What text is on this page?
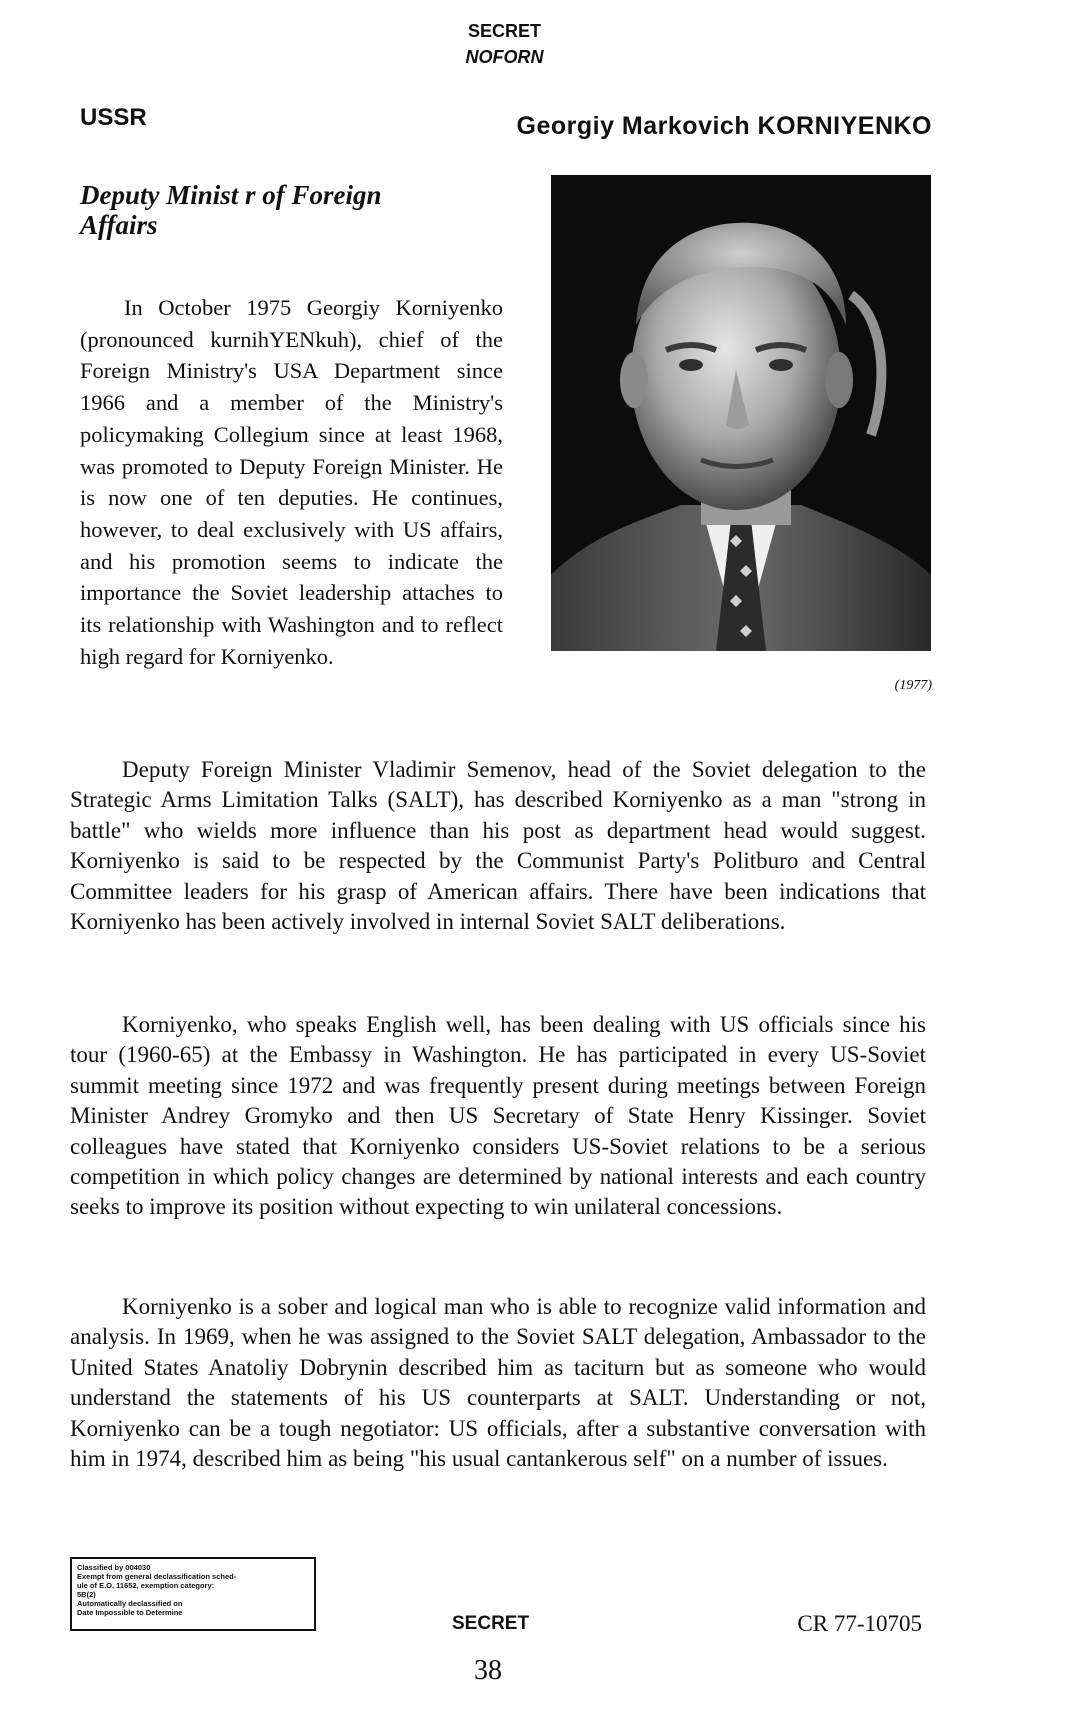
SECRET
NOFORN
USSR	Georgiy Markovich KORNIYENKO
Deputy Minist r of Foreign Affairs
(1977)

In October 1975 Georgiy Korniyenko (pronounced kurnihYENkuh), chief of the Foreign Ministry's USA Department since 1966 and a member of the Ministry's policymaking Collegium since at least 1968, was promoted to Deputy Foreign Minister. He is now one of ten deputies. He continues, however, to deal exclusively with US affairs, and his promotion seems to indicate the importance the Soviet leadership attaches to its relationship with Washington and to reflect high regard for Korniyenko.

Deputy Foreign Minister Vladimir Semenov, head of the Soviet delegation to the Strategic Arms Limitation Talks (SALT), has described Korniyenko as a man "strong in battle" who wields more influence than his post as department head would suggest. Korniyenko is said to be respected by the Communist Party's Politburo and Central Committee leaders for his grasp of American affairs. There have been indications that Korniyenko has been actively involved in internal Soviet SALT deliberations.

Korniyenko, who speaks English well, has been dealing with US officials since his tour (1960-65) at the Embassy in Washington. He has participated in every US-Soviet summit meeting since 1972 and was frequently present during meetings between Foreign Minister Andrey Gromyko and then US Secretary of State Henry Kissinger. Soviet colleagues have stated that Korniyenko considers US-Soviet relations to be a serious competition in which policy changes are determined by national interests and each country seeks to improve its position without expecting to win unilateral concessions.

Korniyenko is a sober and logical man who is able to recognize valid information and analysis. In 1969, when he was assigned to the Soviet SALT delegation, Ambassador to the United States Anatoliy Dobrynin described him as taciturn but as someone who would understand the statements of his US counterparts at SALT. Understanding or not, Korniyenko can be a tough negotiator: US officials, after a substantive conversation with him in 1974, described him as being "his usual cantankerous self" on a number of issues.

Classified by 004030
Exempt from general declassification sched-
ule of E.O. 11652, exemption category:
5B(2)
Automatically declassified on
Date Impossible to Determine
SECRET	CR 77-10705
38
